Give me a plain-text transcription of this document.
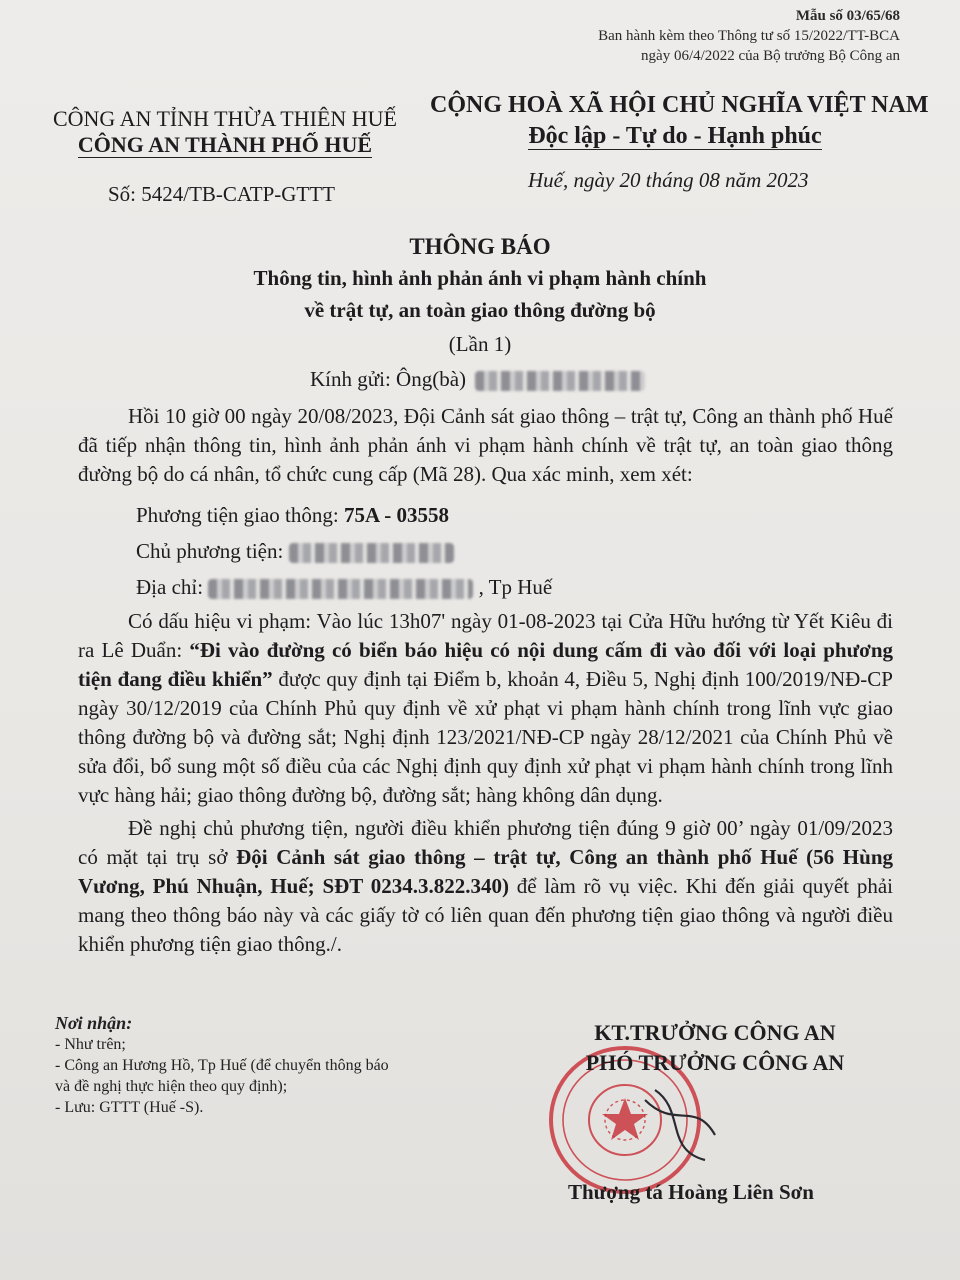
Mẫu số 03/65/68
Ban hành kèm theo Thông tư số 15/2022/TT-BCA
ngày 06/4/2022 của Bộ trưởng Bộ Công an
CÔNG AN TỈNH THỪA THIÊN HUẾ
CÔNG AN THÀNH PHỐ HUẾ
CỘNG HOÀ XÃ HỘI CHỦ NGHĨA VIỆT NAM
Độc lập - Tự do - Hạnh phúc
Số: 5424/TB-CATP-GTTT
Huế, ngày 20 tháng 08 năm 2023
THÔNG BÁO
Thông tin, hình ảnh phản ánh vi phạm hành chính
về trật tự, an toàn giao thông đường bộ
(Lần 1)
Kính gửi: Ông(bà)

Hồi 10 giờ 00 ngày 20/08/2023, Đội Cảnh sát giao thông – trật tự, Công an thành phố Huế đã tiếp nhận thông tin, hình ảnh phản ánh vi phạm hành chính về trật tự, an toàn giao thông đường bộ do cá nhân, tổ chức cung cấp (Mã 28). Qua xác minh, xem xét:

Phương tiện giao thông: 75A - 03558
Chủ phương tiện:
Địa chỉ:	, Tp Huế

Có dấu hiệu vi phạm: Vào lúc 13h07' ngày 01-08-2023 tại Cửa Hữu hướng từ Yết Kiêu đi ra Lê Duẩn: “Đi vào đường có biển báo hiệu có nội dung cấm đi vào đối với loại phương tiện đang điều khiển” được quy định tại Điểm b, khoản 4, Điều 5, Nghị định 100/2019/NĐ-CP ngày 30/12/2019 của Chính Phủ quy định về xử phạt vi phạm hành chính trong lĩnh vực giao thông đường bộ và đường sắt; Nghị định 123/2021/NĐ-CP ngày 28/12/2021 của Chính Phủ về sửa đổi, bổ sung một số điều của các Nghị định quy định xử phạt vi phạm hành chính trong lĩnh vực hàng hải; giao thông đường bộ, đường sắt; hàng không dân dụng.

Đề nghị chủ phương tiện, người điều khiển phương tiện đúng 9 giờ 00’ ngày 01/09/2023 có mặt tại trụ sở Đội Cảnh sát giao thông – trật tự, Công an thành phố Huế (56 Hùng Vương, Phú Nhuận, Huế; SĐT 0234.3.822.340) để làm rõ vụ việc. Khi đến giải quyết phải mang theo thông báo này và các giấy tờ có liên quan đến phương tiện giao thông và người điều khiển phương tiện giao thông./.

Nơi nhận:
- Như trên;
- Công an Hương Hồ, Tp Huế (để chuyển thông báo
và đề nghị thực hiện theo quy định);
- Lưu: GTTT (Huế -S).
KT.TRƯỞNG CÔNG AN
PHÓ TRƯỞNG CÔNG AN
Thượng tá Hoàng Liên Sơn
